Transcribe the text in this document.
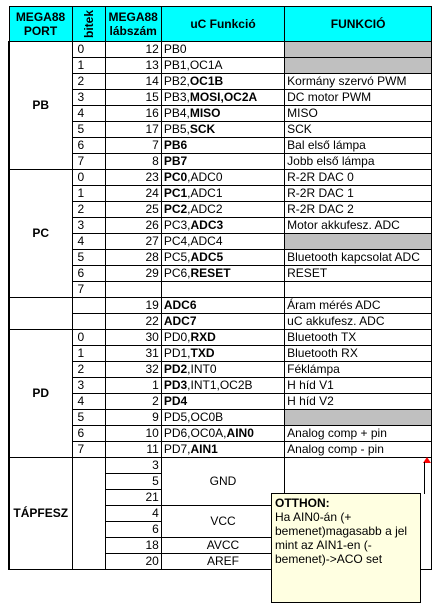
MEGA88 PORT	bitek	MEGA88 lábszám	uC Funkció	FUNKCIÓ
PB	0	12	PB0	
	1	13	PB1,OC1A	
	2	14	PB2,OC1B	Kormány szervó PWM
	3	15	PB3,MOSI,OC2A	DC motor PWM
	4	16	PB4,MISO	MISO
	5	17	PB5,SCK	SCK
	6	7	PB6	Bal első lámpa
	7	8	PB7	Jobb első lámpa
PC	0	23	PC0,ADC0	R-2R DAC 0
	1	24	PC1,ADC1	R-2R DAC 1
	2	25	PC2,ADC2	R-2R DAC 2
	3	26	PC3,ADC3	Motor akkufesz. ADC
	4	27	PC4,ADC4	
	5	28	PC5,ADC5	Bluetooth kapcsolat ADC
	6	29	PC6,RESET	RESET
	7			
		19	ADC6	Áram mérés ADC
		22	ADC7	uC akkufesz. ADC
PD	0	30	PD0,RXD	Bluetooth TX
	1	31	PD1,TXD	Bluetooth RX
	2	32	PD2,INT0	Féklámpa
	3	1	PD3,INT1,OC2B	H híd V1
	4	2	PD4	H híd V2
	5	9	PD5,OC0B	
	6	10	PD6,OC0A,AIN0	Analog comp + pin
	7	11	PD7,AIN1	Analog comp - pin
TÁPFESZ		3	GND	
		5		
		21		
		4	VCC	
		6		
		18	AVCC	
		20	AREF	
OTTHON:
Ha AIN0-án (+ bemenet)magasabb a jel mint az AIN1-en (- bemenet)->ACO set
